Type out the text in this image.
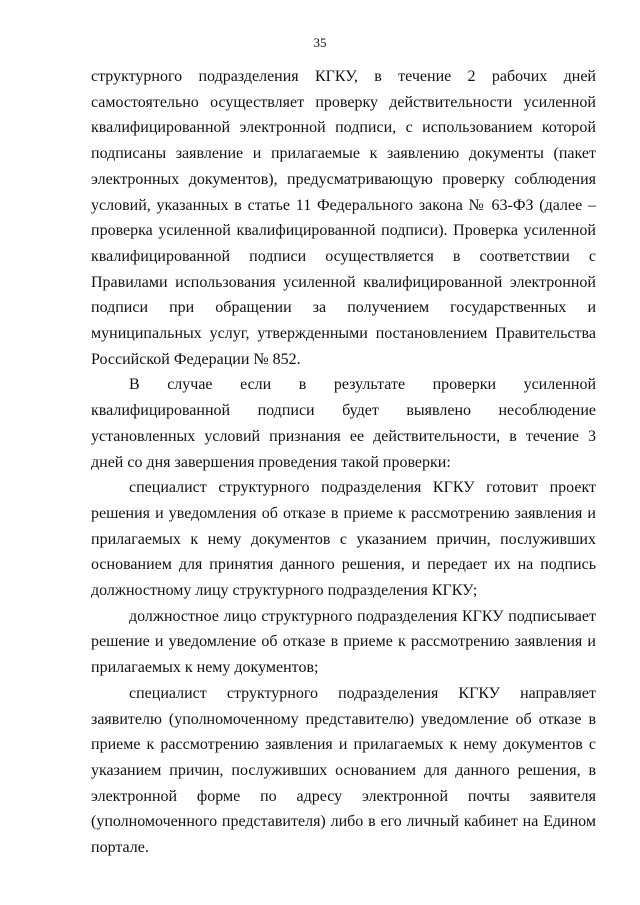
35

структурного подразделения КГКУ, в течение 2 рабочих дней самостоятельно осуществляет проверку действительности усиленной квалифицированной электронной подписи, с использованием которой подписаны заявление и прилагаемые к заявлению документы (пакет электронных документов), предусматривающую проверку соблюдения условий, указанных в статье 11 Федерального закона № 63-ФЗ (далее – проверка усиленной квалифицированной подписи). Проверка усиленной квалифицированной подписи осуществляется в соответствии с Правилами использования усиленной квалифицированной электронной подписи при обращении за получением государственных и муниципальных услуг, утвержденными постановлением Правительства Российской Федерации № 852.

В случае если в результате проверки усиленной квалифицированной подписи будет выявлено несоблюдение установленных условий признания ее действительности, в течение 3 дней со дня завершения проведения такой проверки:

специалист структурного подразделения КГКУ готовит проект решения и уведомления об отказе в приеме к рассмотрению заявления и прилагаемых к нему документов с указанием причин, послуживших основанием для принятия данного решения, и передает их на подпись должностному лицу структурного подразделения КГКУ;

должностное лицо структурного подразделения КГКУ подписывает решение и уведомление об отказе в приеме к рассмотрению заявления и прилагаемых к нему документов;

специалист структурного подразделения КГКУ направляет заявителю (уполномоченному представителю) уведомление об отказе в приеме к рассмотрению заявления и прилагаемых к нему документов с указанием причин, послуживших основанием для данного решения, в электронной форме по адресу электронной почты заявителя (уполномоченного представителя) либо в его личный кабинет на Едином портале.
